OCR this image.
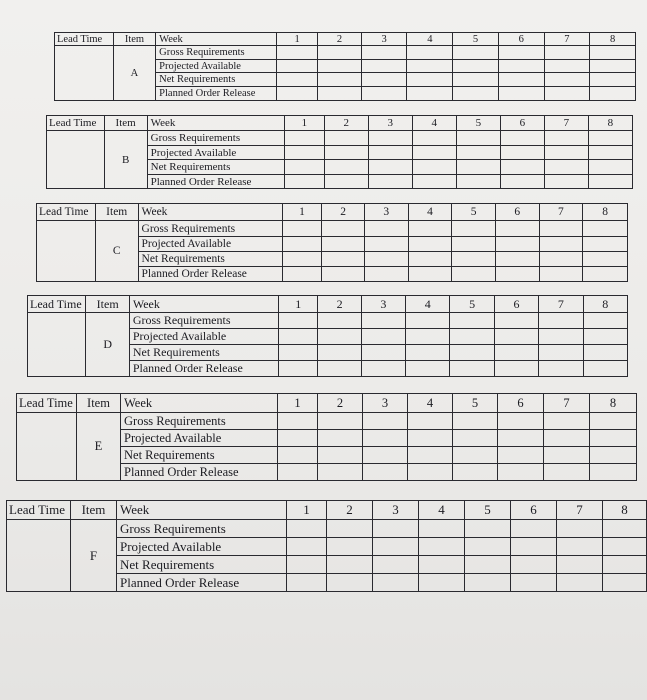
Lead Time	Item	Week	1	2	3	4	5	6	7	8
	A	Gross Requirements								
		Projected Available								
		Net Requirements								
		Planned Order Release								
Lead Time	Item	Week	1	2	3	4	5	6	7	8
	B	Gross Requirements								
		Projected Available								
		Net Requirements								
		Planned Order Release								
Lead Time	Item	Week	1	2	3	4	5	6	7	8
	C	Gross Requirements								
		Projected Available								
		Net Requirements								
		Planned Order Release								
Lead Time	Item	Week	1	2	3	4	5	6	7	8
	D	Gross Requirements								
		Projected Available								
		Net Requirements								
		Planned Order Release								
Lead Time	Item	Week	1	2	3	4	5	6	7	8
	E	Gross Requirements								
		Projected Available								
		Net Requirements								
		Planned Order Release								
Lead Time	Item	Week	1	2	3	4	5	6	7	8
	F	Gross Requirements								
		Projected Available								
		Net Requirements								
		Planned Order Release								
